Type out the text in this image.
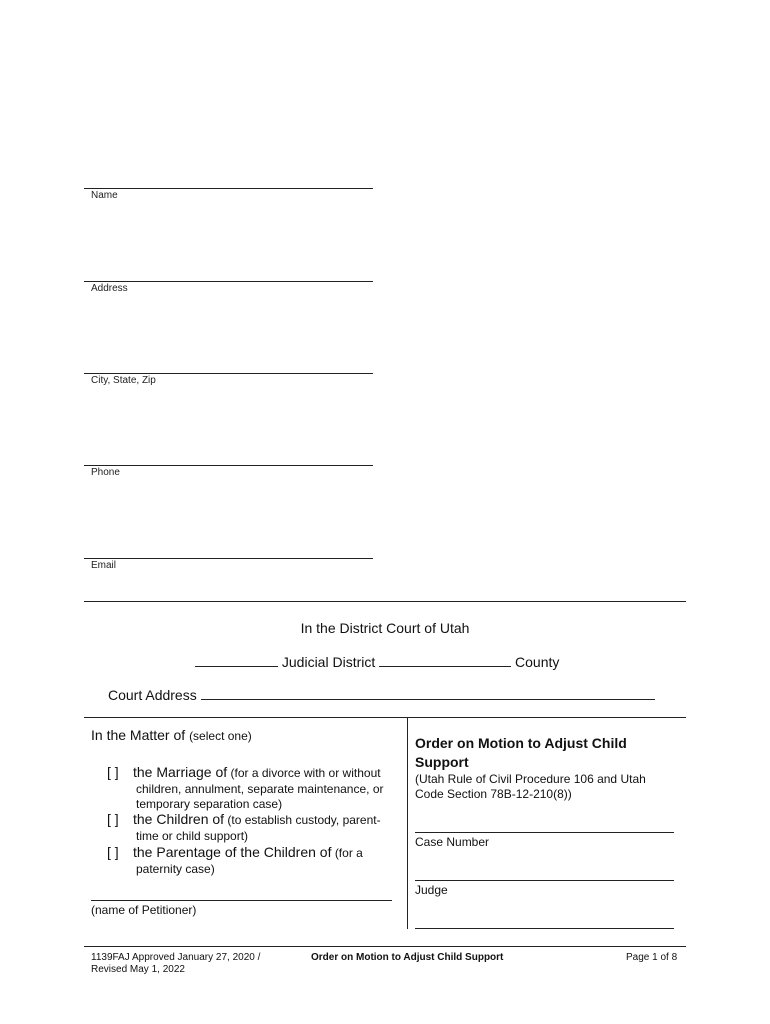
Name
Address
City, State, Zip
Phone
Email
In the District Court of Utah
Judicial District	County
Court Address
In the Matter of (select one)
[ ] the Marriage of (for a divorce with or without
children, annulment, separate maintenance, or
temporary separation case)
[ ] the Children of (to establish custody, parent-
time or child support)
[ ] the Parentage of the Children of (for a
paternity case)
(name of Petitioner)
Order on Motion to Adjust Child
Support
(Utah Rule of Civil Procedure 106 and Utah
Code Section 78B-12-210(8))
Case Number
Judge
1139FAJ Approved January 27, 2020 /
Revised May 1, 2022
Order on Motion to Adjust Child Support	Page 1 of 8
